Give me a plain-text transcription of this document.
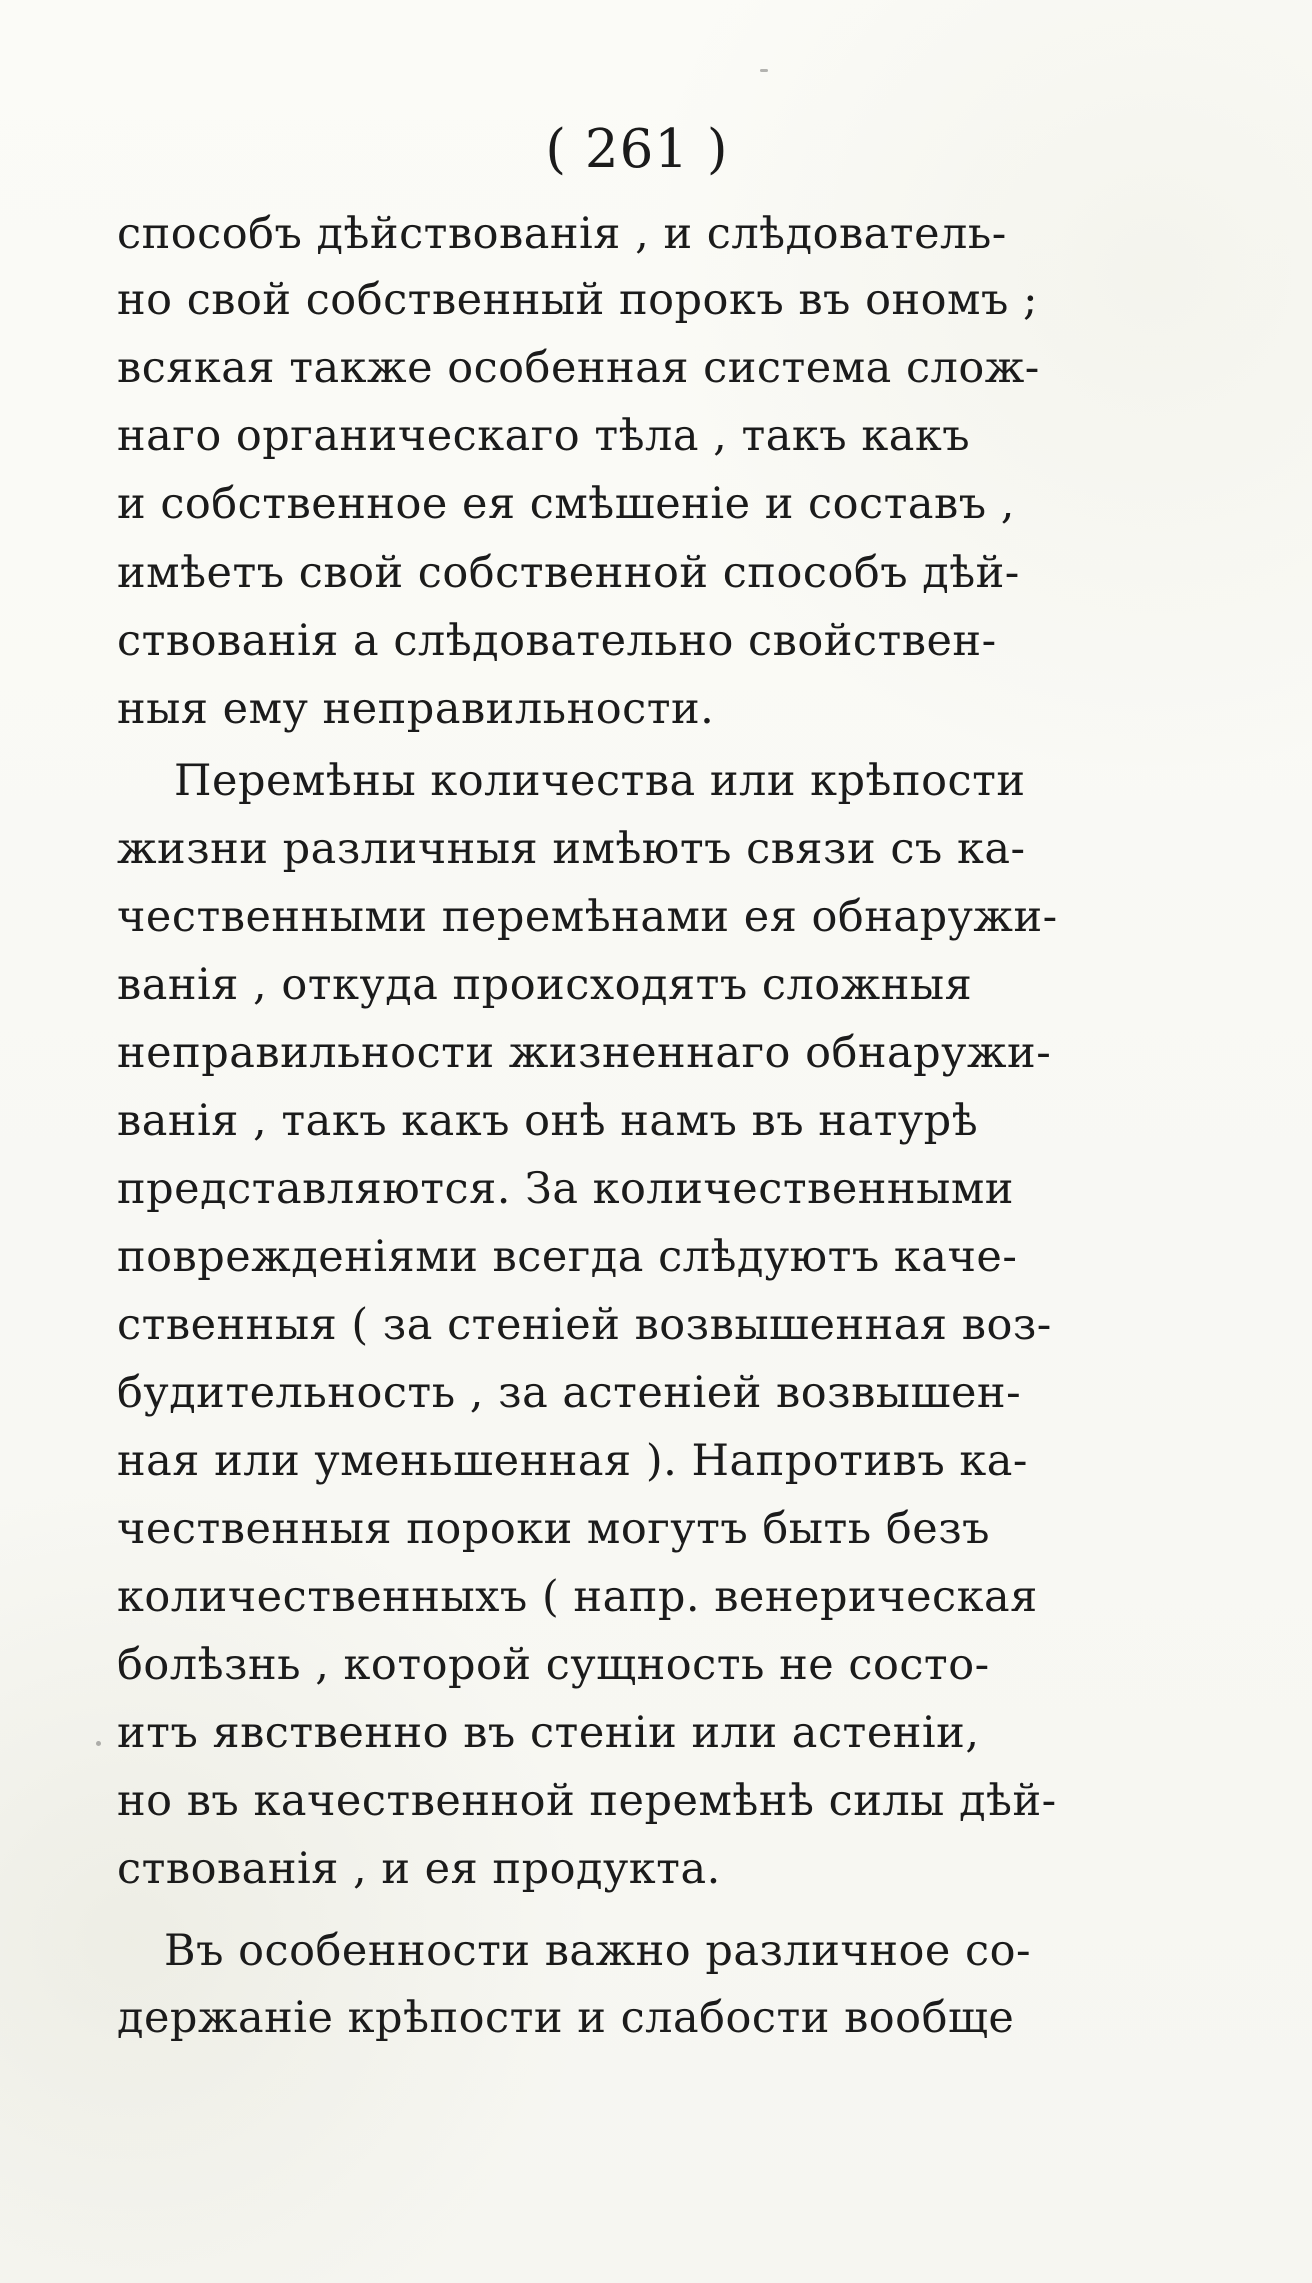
( 261 )
способъ дѣйствованія , и слѣдователь-
но свой собственный порокъ въ ономъ ;
всякая также особенная система слож-
наго органическаго тѣла , такъ какъ
и собственное ея смѣшеніе и составъ ,
имѣетъ свой собственной способъ дѣй-
ствованія а слѣдовательно свойствен-
ныя ему неправильности.
Перемѣны количества или крѣпости
жизни различныя имѣютъ связи съ ка-
чественными перемѣнами ея обнаружи-
ванія , откуда происходятъ сложныя
неправильности жизненнаго обнаружи-
ванія , такъ какъ онѣ намъ въ натурѣ
представляются. За количественными
поврежденіями всегда слѣдуютъ каче-
ственныя ( за стеніей возвышенная воз-
будительность , за астеніей возвышен-
ная или уменьшенная ). Напротивъ ка-
чественныя пороки могутъ быть безъ
количественныхъ ( напр. венерическая
болѣзнь , которой сущность не состо-
итъ явственно въ стеніи или астеніи,
но въ качественной перемѣнѣ силы дѣй-
ствованія , и ея продукта.
Въ особенности важно различное со-
держаніе крѣпости и слабости вообще
